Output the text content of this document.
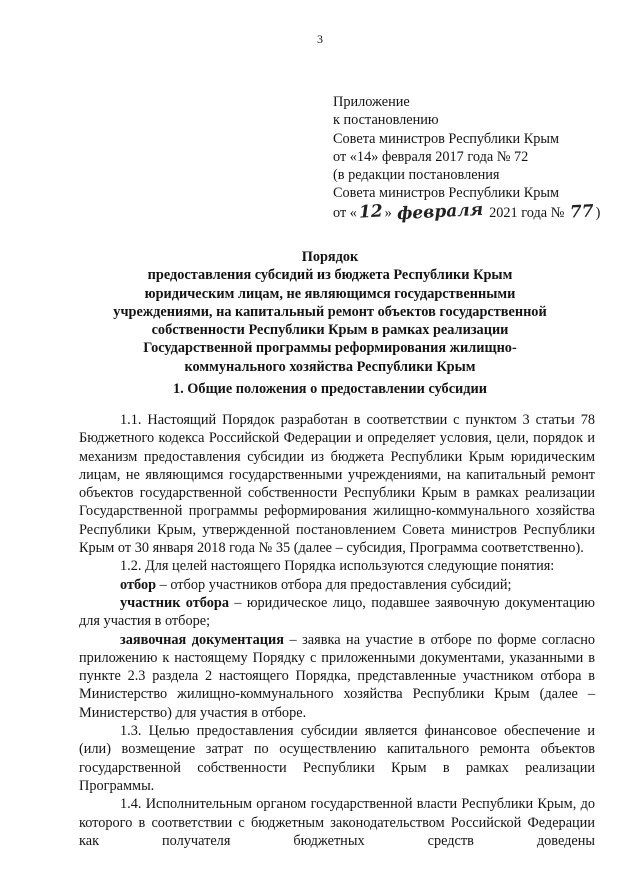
3
Приложение
к постановлению
Совета министров Республики Крым
от «14» февраля 2017 года № 72
(в редакции постановления
Совета министров Республики Крым
от «12 » февраля 2021 года № 77 )
Порядок
предоставления субсидий из бюджета Республики Крым
юридическим лицам, не являющимся государственными
учреждениями, на капитальный ремонт объектов государственной
собственности Республики Крым в рамках реализации
Государственной программы реформирования жилищно-
коммунального хозяйства Республики Крым
1. Общие положения о предоставлении субсидии

1.1. Настоящий Порядок разработан в соответствии с пунктом 3 статьи 78 Бюджетного кодекса Российской Федерации и определяет условия, цели, порядок и механизм предоставления субсидии из бюджета Республики Крым юридическим лицам, не являющимся государственными учреждениями, на капитальный ремонт объектов государственной собственности Республики Крым в рамках реализации Государственной программы реформирования жилищно-коммунального хозяйства Республики Крым, утвержденной постановлением Совета министров Республики Крым от 30 января 2018 года № 35 (далее – субсидия, Программа соответственно).

1.2. Для целей настоящего Порядка используются следующие понятия:

отбор – отбор участников отбора для предоставления субсидий;

участник отбора – юридическое лицо, подавшее заявочную документацию для участия в отборе;

заявочная документация – заявка на участие в отборе по форме согласно приложению к настоящему Порядку с приложенными документами, указанными в пункте 2.3 раздела 2 настоящего Порядка, представленные участником отбора в Министерство жилищно-коммунального хозяйства Республики Крым (далее – Министерство) для участия в отборе.

1.3. Целью предоставления субсидии является финансовое обеспечение и (или) возмещение затрат по осуществлению капитального ремонта объектов государственной собственности Республики Крым в рамках реализации Программы.

1.4. Исполнительным органом государственной власти Республики Крым, до которого в соответствии с бюджетным законодательством Российской Федерации как получателя бюджетных средств доведены
